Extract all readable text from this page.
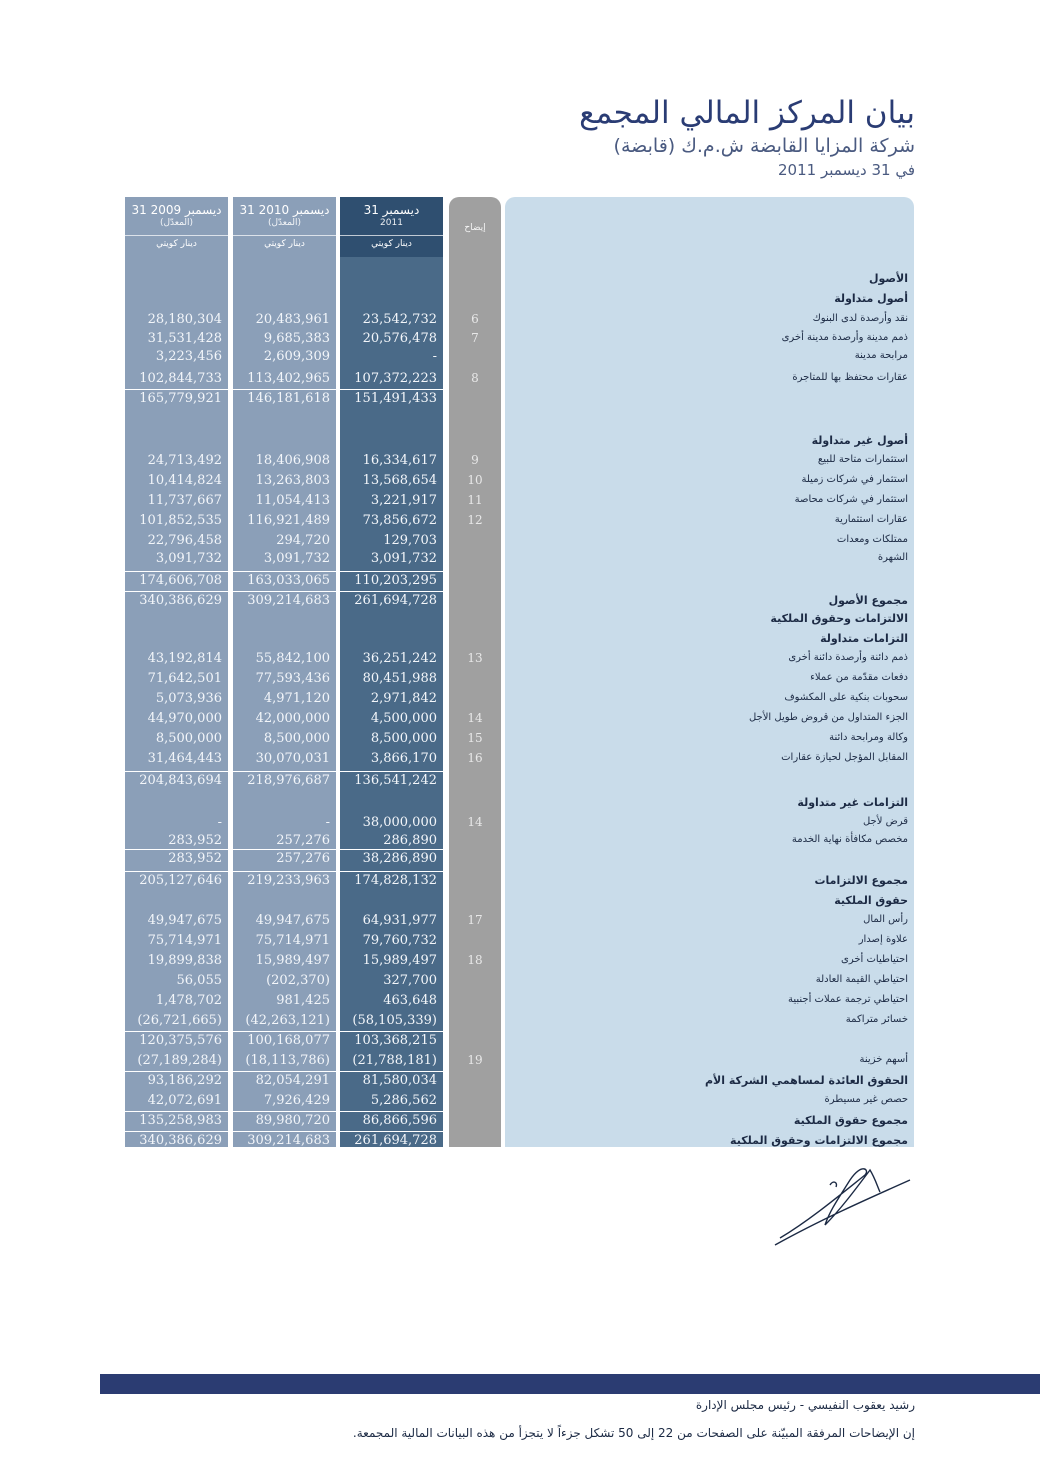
بيان المركز المالي المجمع
شركة المزايا القابضة ش.م.ك (قابضة)
في 31 ديسمبر 2011
الأصول
أصول متداولة
نقد وأرصدة لدى البنوك
ذمم مدينة وأرصدة مدينة أخرى
مرابحة مدينة
عقارات محتفظ بها للمتاجرة
أصول غير متداولة
استثمارات متاحة للبيع
استثمار في شركات زميلة
استثمار في شركات محاصة
عقارات استثمارية
ممتلكات ومعدات
الشهرة
مجموع الأصول
الالتزامات وحقوق الملكية
التزامات متداولة
ذمم دائنة وأرصدة دائنة أخرى
دفعات مقدّمة من عملاء
سحوبات بنكية على المكشوف
الجزء المتداول من قروض طويل الأجل
وكالة ومرابحة دائنة
المقابل المؤجل لحيازة عقارات
التزامات غير متداولة
قرض لأجل
مخصص مكافأة نهاية الخدمة
مجموع الالتزامات
حقوق الملكية
رأس المال
علاوة إصدار
احتياطيات أخرى
احتياطي القيمة العادلة
احتياطي ترجمة عملات أجنبية
خسائر متراكمة
أسهم خزينة
الحقوق العائدة لمساهمي الشركة الأم
حصص غير مسيطرة
مجموع حقوق الملكية
مجموع الالتزامات وحقوق الملكية
31 ديسمبر 2009
(المعدّل)
دينار كويتي
28,180,304
31,531,428
3,223,456
102,844,733
165,779,921
24,713,492
10,414,824
11,737,667
101,852,535
22,796,458
3,091,732
174,606,708
340,386,629
43,192,814
71,642,501
5,073,936
44,970,000
8,500,000
31,464,443
204,843,694
-
283,952
283,952
205,127,646
49,947,675
75,714,971
19,899,838
56,055
1,478,702
(26,721,665)
120,375,576
(27,189,284)
93,186,292
42,072,691
135,258,983
340,386,629
31 ديسمبر 2010
(المعدّل)
دينار كويتي
20,483,961
9,685,383
2,609,309
113,402,965
146,181,618
18,406,908
13,263,803
11,054,413
116,921,489
294,720
3,091,732
163,033,065
309,214,683
55,842,100
77,593,436
4,971,120
42,000,000
8,500,000
30,070,031
218,976,687
-
257,276
257,276
219,233,963
49,947,675
75,714,971
15,989,497
(202,370)
981,425
(42,263,121)
100,168,077
(18,113,786)
82,054,291
7,926,429
89,980,720
309,214,683
31 ديسمبر
2011
دينار كويتي
23,542,732
20,576,478
-
107,372,223
151,491,433
16,334,617
13,568,654
3,221,917
73,856,672
129,703
3,091,732
110,203,295
261,694,728
36,251,242
80,451,988
2,971,842
4,500,000
8,500,000
3,866,170
136,541,242
38,000,000
286,890
38,286,890
174,828,132
64,931,977
79,760,732
15,989,497
327,700
463,648
(58,105,339)
103,368,215
(21,788,181)
81,580,034
5,286,562
86,866,596
261,694,728
إيضاح
6
7
8
9
10
11
12
13
14
15
16
14
17
18
19
رشيد يعقوب النفيسي - رئيس مجلس الإدارة
إن الإيضاحات المرفقة المبيّنة على الصفحات من 22 إلى 50 تشكل جزءاً لا يتجزأ من هذه البيانات المالية المجمعة.
